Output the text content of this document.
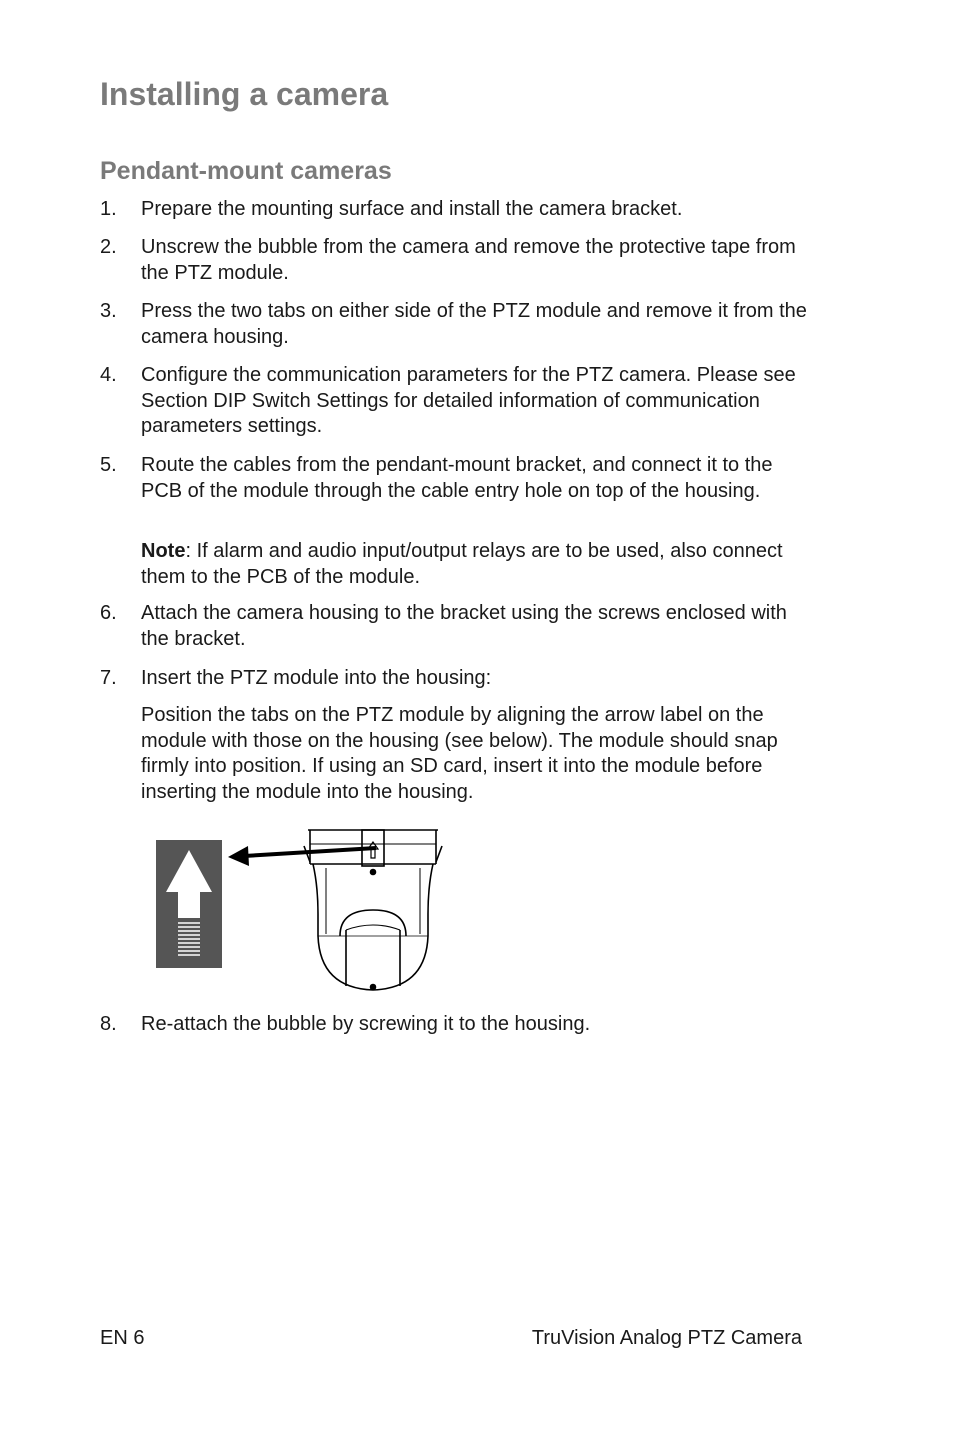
Installing a camera
Pendant-mount cameras
1. Prepare the mounting surface and install the camera bracket.
2. Unscrew the bubble from the camera and remove the protective tape from the PTZ module.
3. Press the two tabs on either side of the PTZ module and remove it from the camera housing.
4. Configure the communication parameters for the PTZ camera. Please see Section DIP Switch Settings for detailed information of communication parameters settings.
5. Route the cables from the pendant-mount bracket, and connect it to the PCB of the module through the cable entry hole on top of the housing.
Note: If alarm and audio input/output relays are to be used, also connect them to the PCB of the module.
6. Attach the camera housing to the bracket using the screws enclosed with the bracket.
7. Insert the PTZ module into the housing:
Position the tabs on the PTZ module by aligning the arrow label on the module with those on the housing (see below). The module should snap firmly into position. If using an SD card, insert it into the module before inserting the module into the housing.
8. Re-attach the bubble by screwing it to the housing.
EN 6	TruVision Analog PTZ Camera
